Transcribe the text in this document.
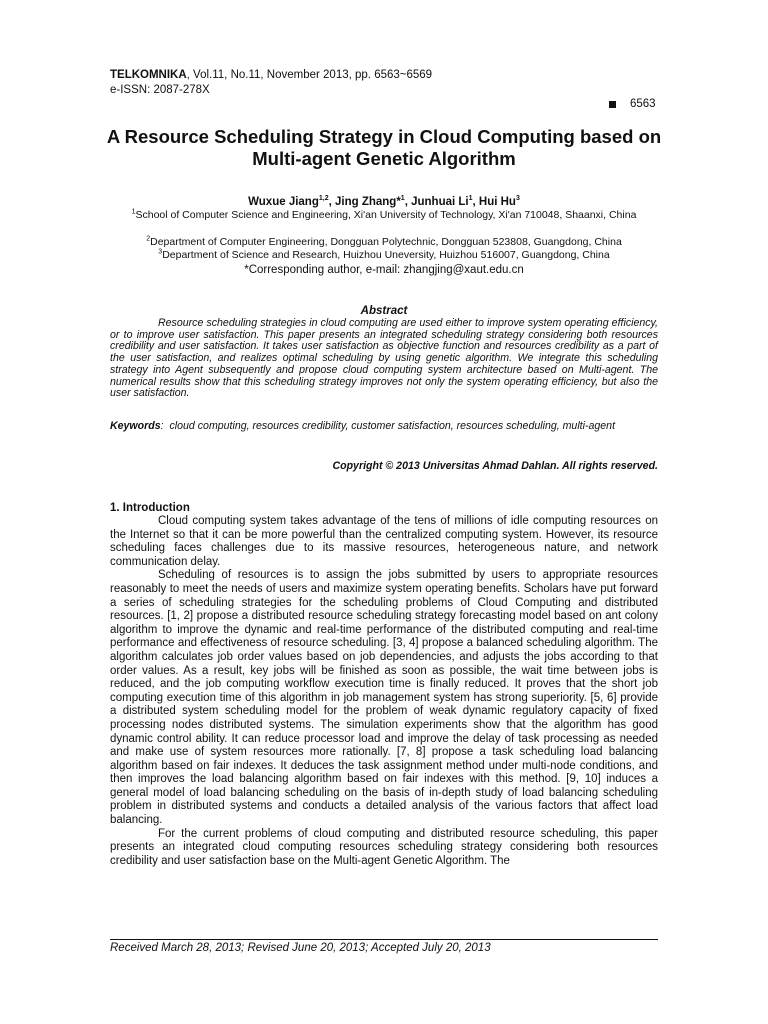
TELKOMNIKA, Vol.11, No.11, November 2013, pp. 6563~6569
e-ISSN: 2087-278X
6563
A Resource Scheduling Strategy in Cloud Computing based on Multi-agent Genetic Algorithm
Wuxue Jiang$^{1,2}$, Jing Zhang*$^1$, Junhuai Li$^1$, Hui Hu$^3$
$^1$School of Computer Science and Engineering, Xi'an University of Technology, Xi'an 710048, Shaanxi, China
$^2$Department of Computer Engineering, Dongguan Polytechnic, Dongguan 523808, Guangdong, China
$^3$Department of Science and Research, Huizhou Uneversity, Huizhou 516007, Guangdong, China
*Corresponding author, e-mail: zhangjing@xaut.edu.cn
Abstract
Resource scheduling strategies in cloud computing are used either to improve system operating efficiency, or to improve user satisfaction. This paper presents an integrated scheduling strategy considering both resources credibility and user satisfaction. It takes user satisfaction as objective function and resources credibility as a part of the user satisfaction, and realizes optimal scheduling by using genetic algorithm. We integrate this scheduling strategy into Agent subsequently and propose cloud computing system architecture based on Multi-agent. The numerical results show that this scheduling strategy improves not only the system operating efficiency, but also the user satisfaction.
Keywords:  cloud computing, resources credibility, customer satisfaction, resources scheduling, multi-agent
Copyright © 2013 Universitas Ahmad Dahlan. All rights reserved.
1. Introduction

Cloud computing system takes advantage of the tens of millions of idle computing resources on the Internet so that it can be more powerful than the centralized computing system. However, its resource scheduling faces challenges due to its massive resources, heterogeneous nature, and network communication delay.

Scheduling of resources is to assign the jobs submitted by users to appropriate resources reasonably to meet the needs of users and maximize system operating benefits. Scholars have put forward a series of scheduling strategies for the scheduling problems of Cloud Computing and distributed resources. [1, 2] propose a distributed resource scheduling strategy forecasting model based on ant colony algorithm to improve the dynamic and real-time performance of the distributed computing and real-time performance and effectiveness of resource scheduling. [3, 4] propose a balanced scheduling algorithm. The algorithm calculates job order values based on job dependencies, and adjusts the jobs according to that order values. As a result, key jobs will be finished as soon as possible, the wait time between jobs is reduced, and the job computing workflow execution time is finally reduced. It proves that the short job computing execution time of this algorithm in job management system has strong superiority. [5, 6] provide a distributed system scheduling model for the problem of weak dynamic regulatory capacity of fixed processing nodes distributed systems. The simulation experiments show that the algorithm has good dynamic control ability. It can reduce processor load and improve the delay of task processing as needed and make use of system resources more rationally. [7, 8] propose a task scheduling load balancing algorithm based on fair indexes. It deduces the task assignment method under multi-node conditions, and then improves the load balancing algorithm based on fair indexes with this method. [9, 10] induces a general model of load balancing scheduling on the basis of in-depth study of load balancing scheduling problem in distributed systems and conducts a detailed analysis of the various factors that affect load balancing.

For the current problems of cloud computing and distributed resource scheduling, this paper presents an integrated cloud computing resources scheduling strategy considering both resources credibility and user satisfaction base on the Multi-agent Genetic Algorithm. The

Received March 28, 2013; Revised June 20, 2013; Accepted July 20, 2013
